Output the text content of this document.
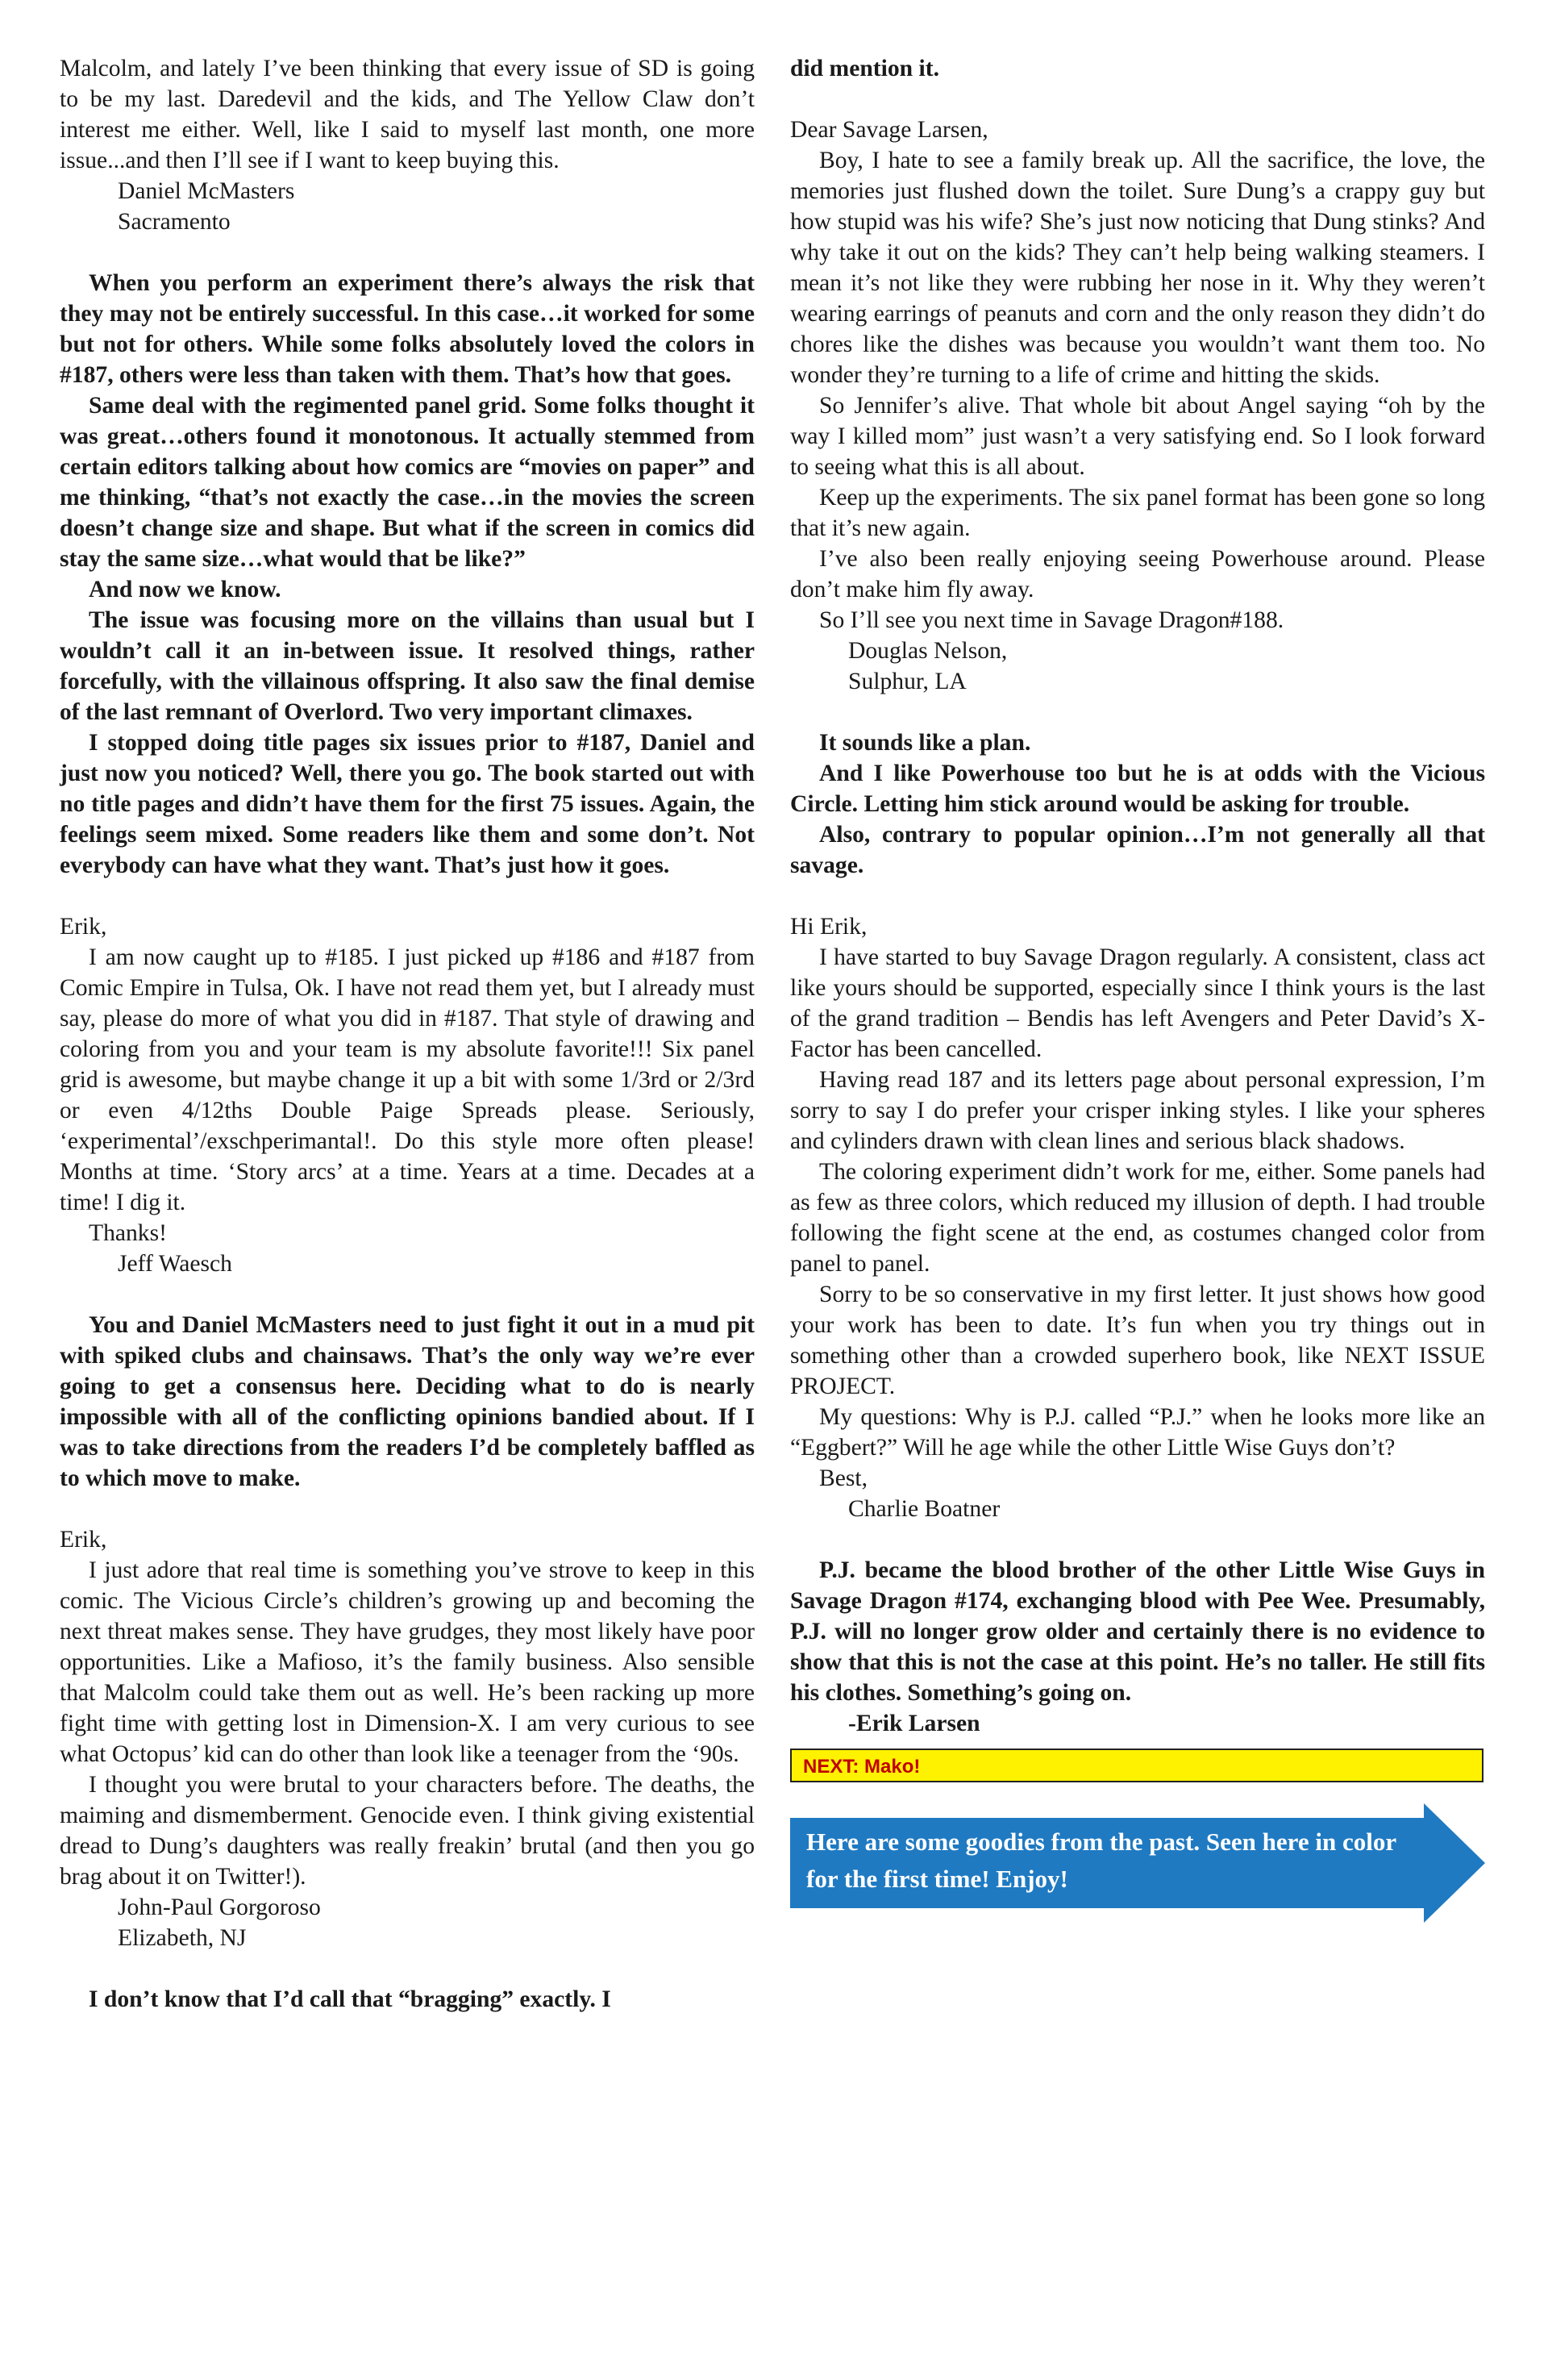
Malcolm, and lately I’ve been thinking that every issue of SD is going to be my last. Daredevil and the kids, and The Yellow Claw don’t interest me either. Well, like I said to myself last month, one more issue...and then I’ll see if I want to keep buying this.

Daniel McMasters

Sacramento

When you perform an experiment there’s always the risk that they may not be entirely successful. In this case…it worked for some but not for others. While some folks absolutely loved the colors in #187, others were less than taken with them. That’s how that goes.

Same deal with the regimented panel grid. Some folks thought it was great…others found it monotonous. It actually stemmed from certain editors talking about how comics are “movies on paper” and me thinking, “that’s not exactly the case…in the movies the screen doesn’t change size and shape. But what if the screen in comics did stay the same size…what would that be like?”

And now we know.

The issue was focusing more on the villains than usual but I wouldn’t call it an in-between issue. It resolved things, rather forcefully, with the villainous offspring. It also saw the final demise of the last remnant of Overlord. Two very important climaxes.

I stopped doing title pages six issues prior to #187, Daniel and just now you noticed? Well, there you go. The book started out with no title pages and didn’t have them for the first 75 issues. Again, the feelings seem mixed. Some readers like them and some don’t. Not everybody can have what they want. That’s just how it goes.

Erik,

I am now caught up to #185. I just picked up #186 and #187 from Comic Empire in Tulsa, Ok. I have not read them yet, but I already must say, please do more of what you did in #187. That style of drawing and coloring from you and your team is my absolute favorite!!! Six panel grid is awesome, but maybe change it up a bit with some 1/3rd or 2/3rd or even 4/12ths Double Paige Spreads please. Seriously, ‘experimental’/exschperimantal!. Do this style more often please! Months at time. ‘Story arcs’ at a time. Years at a time. Decades at a time! I dig it.

Thanks!

Jeff Waesch

You and Daniel McMasters need to just fight it out in a mud pit with spiked clubs and chainsaws. That’s the only way we’re ever going to get a consensus here. Deciding what to do is nearly impossible with all of the conflicting opinions bandied about. If I was to take directions from the readers I’d be completely baffled as to which move to make.

Erik,

I just adore that real time is something you’ve strove to keep in this comic. The Vicious Circle’s children’s growing up and becoming the next threat makes sense. They have grudges, they most likely have poor opportunities. Like a Mafioso, it’s the family business. Also sensible that Malcolm could take them out as well. He’s been racking up more fight time with getting lost in Dimension-X. I am very curious to see what Octopus’ kid can do other than look like a teenager from the ‘90s.

I thought you were brutal to your characters before. The deaths, the maiming and dismemberment. Genocide even. I think giving existential dread to Dung’s daughters was really freakin’ brutal (and then you go brag about it on Twitter!).

John-Paul Gorgoroso

Elizabeth, NJ

I don’t know that I’d call that “bragging” exactly. I

did mention it.

Dear Savage Larsen,

Boy, I hate to see a family break up. All the sacrifice, the love, the memories just flushed down the toilet. Sure Dung’s a crappy guy but how stupid was his wife? She’s just now noticing that Dung stinks? And why take it out on the kids? They can’t help being walking steamers. I mean it’s not like they were rubbing her nose in it. Why they weren’t wearing earrings of peanuts and corn and the only reason they didn’t do chores like the dishes was because you wouldn’t want them too. No wonder they’re turning to a life of crime and hitting the skids.

So Jennifer’s alive. That whole bit about Angel saying “oh by the way I killed mom” just wasn’t a very satisfying end. So I look forward to seeing what this is all about.

Keep up the experiments. The six panel format has been gone so long that it’s new again.

I’ve also been really enjoying seeing Powerhouse around. Please don’t make him fly away.

So I’ll see you next time in Savage Dragon#188.

Douglas Nelson,

Sulphur, LA

It sounds like a plan.

And I like Powerhouse too but he is at odds with the Vicious Circle. Letting him stick around would be asking for trouble.

Also, contrary to popular opinion…I’m not generally all that savage.

Hi Erik,

I have started to buy Savage Dragon regularly. A consistent, class act like yours should be supported, especially since I think yours is the last of the grand tradition – Bendis has left Avengers and Peter David’s X-Factor has been cancelled.

Having read 187 and its letters page about personal expression, I’m sorry to say I do prefer your crisper inking styles. I like your spheres and cylinders drawn with clean lines and serious black shadows.

The coloring experiment didn’t work for me, either. Some panels had as few as three colors, which reduced my illusion of depth. I had trouble following the fight scene at the end, as costumes changed color from panel to panel.

Sorry to be so conservative in my first letter. It just shows how good your work has been to date. It’s fun when you try things out in something other than a crowded superhero book, like NEXT ISSUE PROJECT.

My questions: Why is P.J. called “P.J.” when he looks more like an “Eggbert?” Will he age while the other Little Wise Guys don’t?

Best,

Charlie Boatner

P.J. became the blood brother of the other Little Wise Guys in Savage Dragon #174, exchanging blood with Pee Wee. Presumably, P.J. will no longer grow older and certainly there is no evidence to show that this is not the case at this point. He’s no taller. He still fits his clothes. Something’s going on.

-Erik Larsen

NEXT: Mako!
Here are some goodies from the past. Seen here in color for the first time! Enjoy!
